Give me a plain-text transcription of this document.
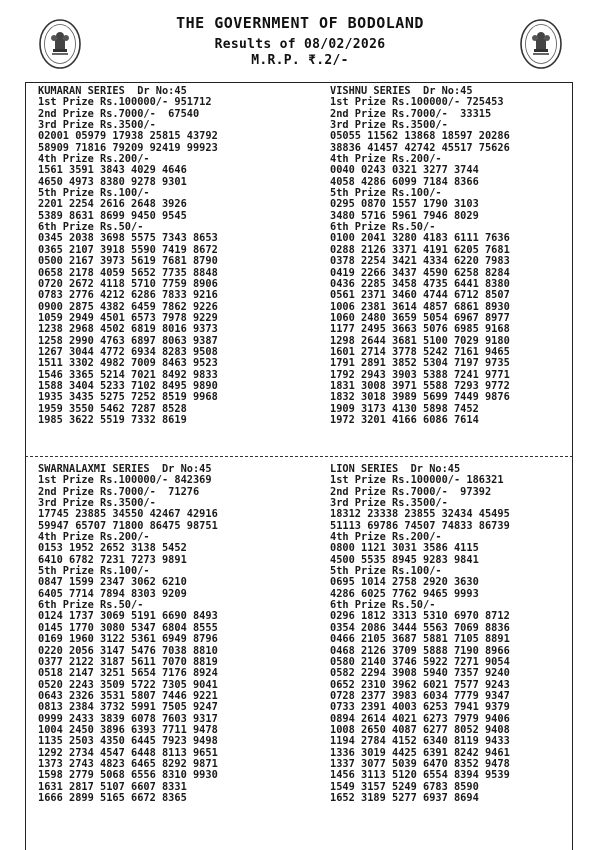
THE GOVERNMENT OF BODOLAND
Results of 08/02/2026
M.R.P. ₹.2/-
KUMARAN SERIES  Dr No:45
1st Prize Rs.100000/- 951712
2nd Prize Rs.7000/-  67540
3rd Prize Rs.3500/-
02001 05979 17938 25815 43792
58909 71816 79209 92419 99923
4th Prize Rs.200/-
1561 3591 3843 4029 4646
4650 4973 8380 9278 9301
5th Prize Rs.100/-
2201 2254 2616 2648 3926
5389 8631 8699 9450 9545
6th Prize Rs.50/-
0345 2038 3698 5575 7343 8653
0365 2107 3918 5590 7419 8672
0500 2167 3973 5619 7681 8790
0658 2178 4059 5652 7735 8848
0720 2672 4118 5710 7759 8906
0783 2776 4212 6286 7833 9216
0900 2875 4382 6459 7862 9226
1059 2949 4501 6573 7978 9229
1238 2968 4502 6819 8016 9373
1258 2990 4763 6897 8063 9387
1267 3044 4772 6934 8283 9508
1511 3302 4982 7009 8463 9523
1546 3365 5214 7021 8492 9833
1588 3404 5233 7102 8495 9890
1935 3435 5275 7252 8519 9968
1959 3550 5462 7287 8528
1985 3622 5519 7332 8619
VISHNU SERIES  Dr No:45
1st Prize Rs.100000/- 725453
2nd Prize Rs.7000/-  33315
3rd Prize Rs.3500/-
05055 11562 13868 18597 20286
38836 41457 42742 45517 75626
4th Prize Rs.200/-
0040 0243 0321 3277 3744
4058 4286 6099 7184 8366
5th Prize Rs.100/-
0295 0870 1557 1790 3103
3480 5716 5961 7946 8029
6th Prize Rs.50/-
0100 2041 3280 4183 6111 7636
0288 2126 3371 4191 6205 7681
0378 2254 3421 4334 6220 7983
0419 2266 3437 4590 6258 8284
0436 2285 3458 4735 6441 8380
0561 2371 3460 4744 6712 8507
1006 2381 3614 4857 6861 8930
1060 2480 3659 5054 6967 8977
1177 2495 3663 5076 6985 9168
1298 2644 3681 5100 7029 9180
1601 2714 3778 5242 7161 9465
1791 2891 3852 5304 7197 9735
1792 2943 3903 5388 7241 9771
1831 3008 3971 5588 7293 9772
1832 3018 3989 5699 7449 9876
1909 3173 4130 5898 7452
1972 3201 4166 6086 7614
SWARNALAXMI SERIES  Dr No:45
1st Prize Rs.100000/- 842369
2nd Prize Rs.7000/-  71276
3rd Prize Rs.3500/-
17745 23885 34550 42467 42916
59947 65707 71800 86475 98751
4th Prize Rs.200/-
0153 1952 2652 3138 5452
6410 6782 7231 7273 9891
5th Prize Rs.100/-
0847 1599 2347 3062 6210
6405 7714 7894 8303 9209
6th Prize Rs.50/-
0124 1737 3069 5191 6690 8493
0145 1770 3080 5347 6804 8555
0169 1960 3122 5361 6949 8796
0220 2056 3147 5476 7038 8810
0377 2122 3187 5611 7070 8819
0518 2147 3251 5654 7176 8924
0520 2243 3509 5722 7305 9041
0643 2326 3531 5807 7446 9221
0813 2384 3732 5991 7505 9247
0999 2433 3839 6078 7603 9317
1004 2450 3896 6393 7711 9478
1135 2503 4350 6445 7923 9498
1292 2734 4547 6448 8113 9651
1373 2743 4823 6465 8292 9871
1598 2779 5068 6556 8310 9930
1631 2817 5107 6607 8331
1666 2899 5165 6672 8365
LION SERIES  Dr No:45
1st Prize Rs.100000/- 186321
2nd Prize Rs.7000/-  97392
3rd Prize Rs.3500/-
18312 23338 23855 32434 45495
51113 69786 74507 74833 86739
4th Prize Rs.200/-
0800 1121 3031 3586 4115
4500 5535 8945 9283 9841
5th Prize Rs.100/-
0695 1014 2758 2920 3630
4286 6025 7762 9465 9993
6th Prize Rs.50/-
0296 1812 3313 5310 6970 8712
0354 2086 3444 5563 7069 8836
0466 2105 3687 5881 7105 8891
0468 2126 3709 5888 7190 8966
0580 2140 3746 5922 7271 9054
0582 2294 3908 5940 7357 9240
0652 2310 3962 6021 7577 9243
0728 2377 3983 6034 7779 9347
0733 2391 4003 6253 7941 9379
0894 2614 4021 6273 7979 9406
1008 2650 4087 6277 8052 9408
1194 2784 4152 6340 8119 9433
1336 3019 4425 6391 8242 9461
1337 3077 5039 6470 8352 9478
1456 3113 5120 6554 8394 9539
1549 3157 5249 6783 8590
1652 3189 5277 6937 8694
